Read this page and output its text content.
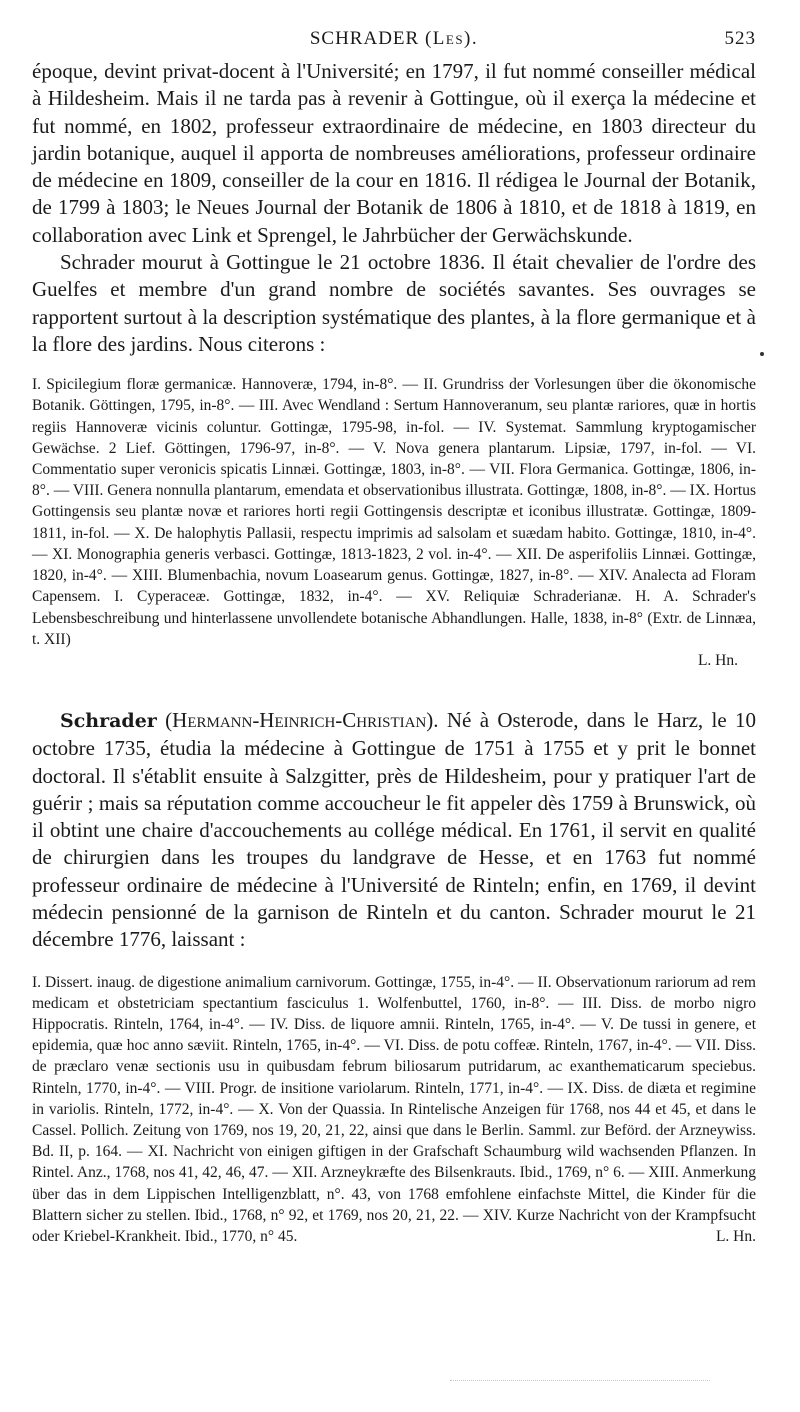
SCHRADER (Les).	523

époque, devint privat-docent à l'Université; en 1797, il fut nommé conseiller médical à Hildesheim. Mais il ne tarda pas à revenir à Gottingue, où il exerça la médecine et fut nommé, en 1802, professeur extraordinaire de médecine, en 1803 directeur du jardin botanique, auquel il apporta de nombreuses améliorations, professeur ordinaire de médecine en 1809, conseiller de la cour en 1816. Il rédigea le Journal der Botanik, de 1799 à 1803; le Neues Journal der Botanik de 1806 à 1810, et de 1818 à 1819, en collaboration avec Link et Sprengel, le Jahrbücher der Gerwächskunde.

Schrader mourut à Gottingue le 21 octobre 1836. Il était chevalier de l'ordre des Guelfes et membre d'un grand nombre de sociétés savantes. Ses ouvrages se rapportent surtout à la description systématique des plantes, à la flore germanique et à la flore des jardins. Nous citerons :

I. Spicilegium floræ germanicæ. Hannoveræ, 1794, in-8°. — II. Grundriss der Vorlesungen über die ökonomische Botanik. Göttingen, 1795, in-8°. — III. Avec Wendland : Sertum Hannoveranum, seu plantæ rariores, quæ in hortis regiis Hannoveræ vicinis coluntur. Gottingæ, 1795-98, in-fol. — IV. Systemat. Sammlung kryptogamischer Gewächse. 2 Lief. Göttingen, 1796-97, in-8°. — V. Nova genera plantarum. Lipsiæ, 1797, in-fol. — VI. Commentatio super veronicis spicatis Linnæi. Gottingæ, 1803, in-8°. — VII. Flora Germanica. Gottingæ, 1806, in-8°. — VIII. Genera nonnulla plantarum, emendata et observationibus illustrata. Gottingæ, 1808, in-8°. — IX. Hortus Gottingensis seu plantæ novæ et rariores horti regii Gottingensis descriptæ et iconibus illustratæ. Gottingæ, 1809-1811, in-fol. — X. De halophytis Pallasii, respectu imprimis ad salsolam et suædam habito. Gottingæ, 1810, in-4°. — XI. Monographia generis verbasci. Gottingæ, 1813-1823, 2 vol. in-4°. — XII. De asperifoliis Linnæi. Gottingæ, 1820, in-4°. — XIII. Blumenbachia, novum Loasearum genus. Gottingæ, 1827, in-8°. — XIV. Analecta ad Floram Capensem. I. Cyperaceæ. Gottingæ, 1832, in-4°. — XV. Reliquiæ Schraderianæ. H. A. Schrader's Lebensbeschreibung und hinterlassene unvollendete botanische Abhandlungen. Halle, 1838, in-8° (Extr. de Linnæa, t. XII)

L. Hn.

Schrader (Hermann-Heinrich-Christian). Né à Osterode, dans le Harz, le 10 octobre 1735, étudia la médecine à Gottingue de 1751 à 1755 et y prit le bonnet doctoral. Il s'établit ensuite à Salzgitter, près de Hildesheim, pour y pratiquer l'art de guérir ; mais sa réputation comme accoucheur le fit appeler dès 1759 à Brunswick, où il obtint une chaire d'accouchements au collége médical. En 1761, il servit en qualité de chirurgien dans les troupes du landgrave de Hesse, et en 1763 fut nommé professeur ordinaire de médecine à l'Université de Rinteln; enfin, en 1769, il devint médecin pensionné de la garnison de Rinteln et du canton. Schrader mourut le 21 décembre 1776, laissant :

I. Dissert. inaug. de digestione animalium carnivorum. Gottingæ, 1755, in-4°. — II. Observationum rariorum ad rem medicam et obstetriciam spectantium fasciculus 1. Wolfenbuttel, 1760, in-8°. — III. Diss. de morbo nigro Hippocratis. Rinteln, 1764, in-4°. — IV. Diss. de liquore amnii. Rinteln, 1765, in-4°. — V. De tussi in genere, et epidemia, quæ hoc anno sæviit. Rinteln, 1765, in-4°. — VI. Diss. de potu coffeæ. Rinteln, 1767, in-4°. — VII. Diss. de præclaro venæ sectionis usu in quibusdam februm biliosarum putridarum, ac exanthematicarum speciebus. Rinteln, 1770, in-4°. — VIII. Progr. de insitione variolarum. Rinteln, 1771, in-4°. — IX. Diss. de diæta et regimine in variolis. Rinteln, 1772, in-4°. — X. Von der Quassia. In Rintelische Anzeigen für 1768, nos 44 et 45, et dans le Cassel. Pollich. Zeitung von 1769, nos 19, 20, 21, 22, ainsi que dans le Berlin. Samml. zur Beförd. der Arzneywiss. Bd. II, p. 164. — XI. Nachricht von einigen giftigen in der Grafschaft Schaumburg wild wachsenden Pflanzen. In Rintel. Anz., 1768, nos 41, 42, 46, 47. — XII. Arzneykræfte des Bilsenkrauts. Ibid., 1769, n° 6. — XIII. Anmerkung über das in dem Lippischen Intelligenzblatt, n°. 43, von 1768 emfohlene einfachste Mittel, die Kinder für die Blattern sicher zu stellen. Ibid., 1768, n° 92, et 1769, nos 20, 21, 22. — XIV. Kurze Nachricht von der Krampfsucht oder Kriebel-Krankheit. Ibid., 1770, n° 45.	L. Hn.
